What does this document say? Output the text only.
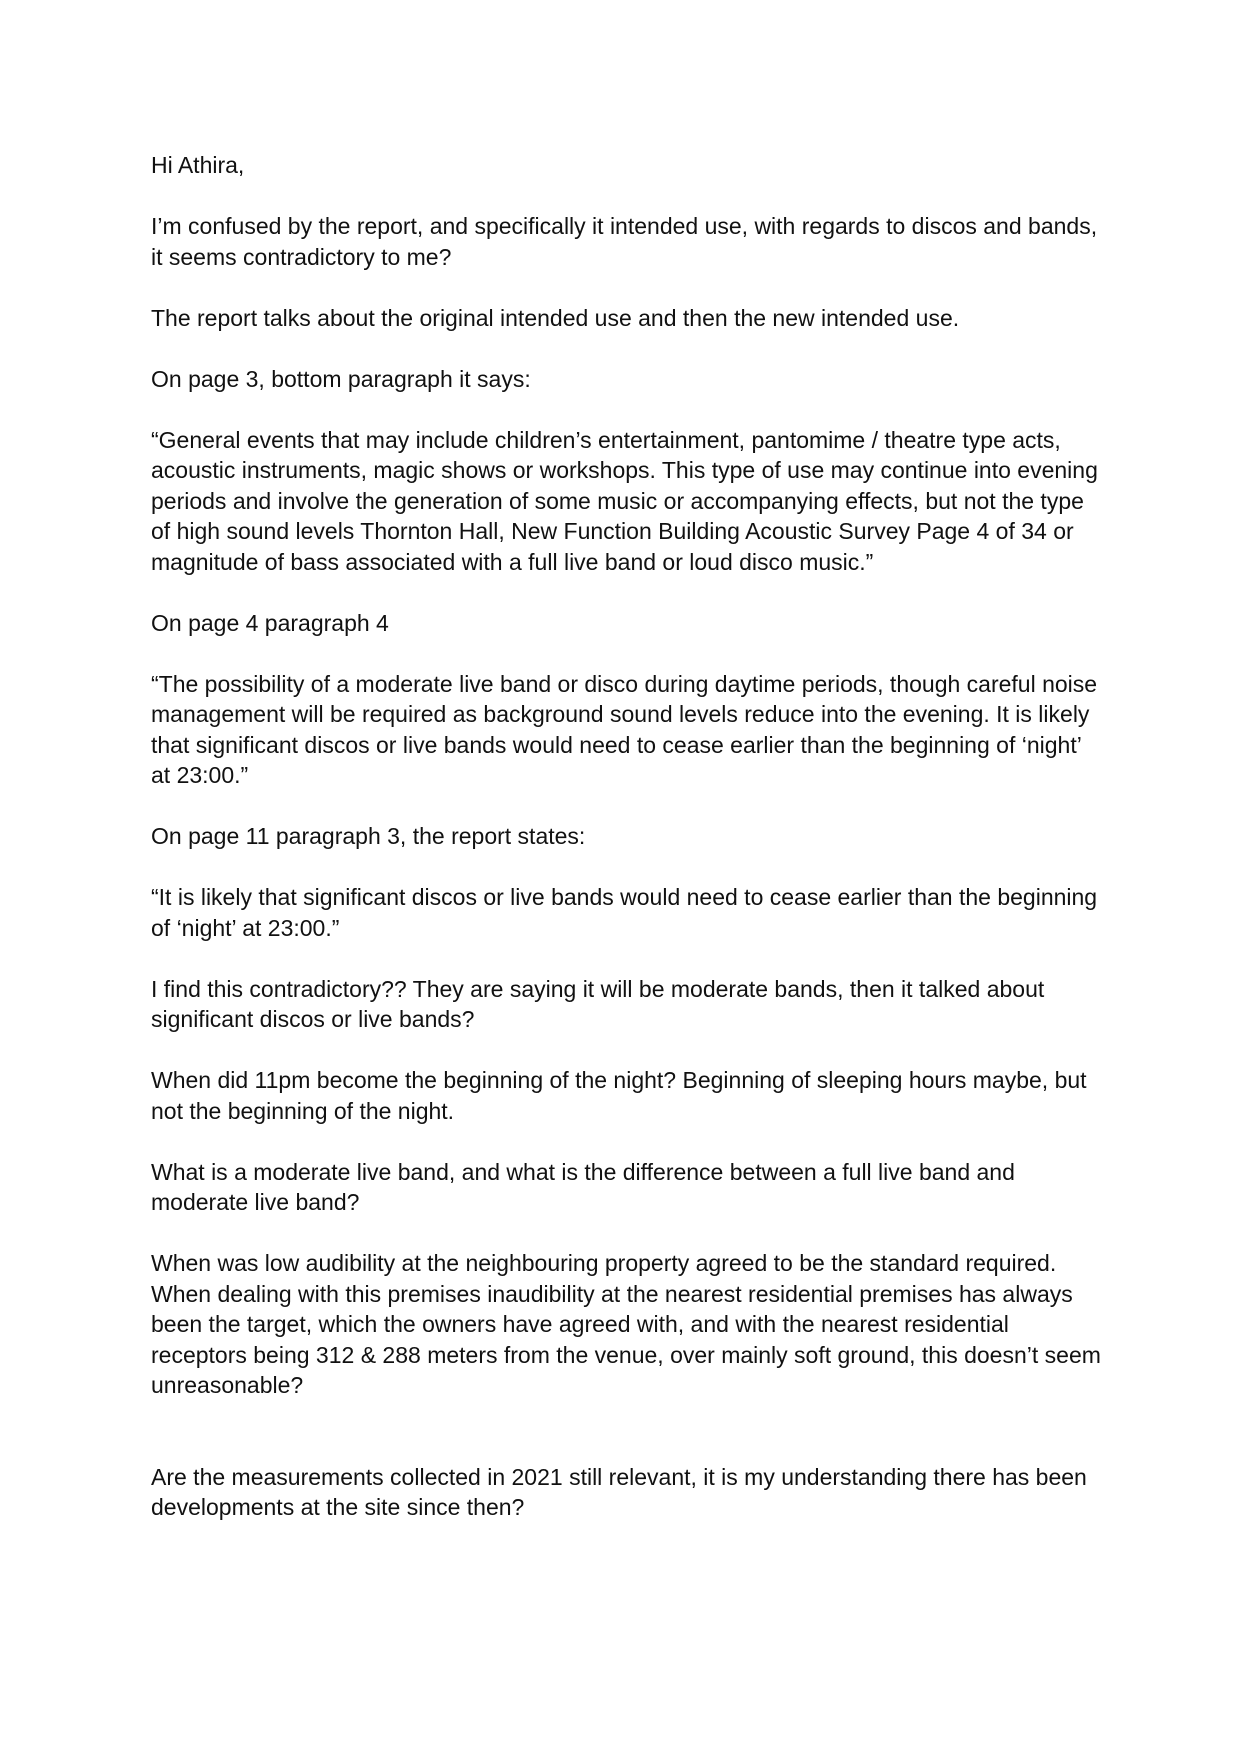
Hi Athira,

I’m confused by the report, and specifically it intended use, with regards to discos and bands, it seems contradictory to me?

The report talks about the original intended use and then the new intended use.

On page 3, bottom paragraph it says:

“General events that may include children’s entertainment, pantomime / theatre type acts, acoustic instruments, magic shows or workshops. This type of use may continue into evening periods and involve the generation of some music or accompanying effects, but not the type of high sound levels Thornton Hall, New Function Building Acoustic Survey Page 4 of 34 or magnitude of bass associated with a full live band or loud disco music.”

On page 4 paragraph 4

“The possibility of a moderate live band or disco during daytime periods, though careful noise management will be required as background sound levels reduce into the evening. It is likely that significant discos or live bands would need to cease earlier than the beginning of ‘night’ at 23:00.”

On page 11 paragraph 3, the report states:

“It is likely that significant discos or live bands would need to cease earlier than the beginning of ‘night’ at 23:00.”

I find this contradictory?? They are saying it will be moderate bands, then it talked about significant discos or live bands?

When did 11pm become the beginning of the night? Beginning of sleeping hours maybe, but not the beginning of the night.

What is a moderate live band, and what is the difference between a full live band and moderate live band?

When was low audibility at the neighbouring property agreed to be the standard required. When dealing with this premises inaudibility at the nearest residential premises has always been the target, which the owners have agreed with, and with the nearest residential receptors being 312 & 288 meters from the venue, over mainly soft ground, this doesn’t seem unreasonable?

Are the measurements collected in 2021 still relevant, it is my understanding there has been developments at the site since then?
